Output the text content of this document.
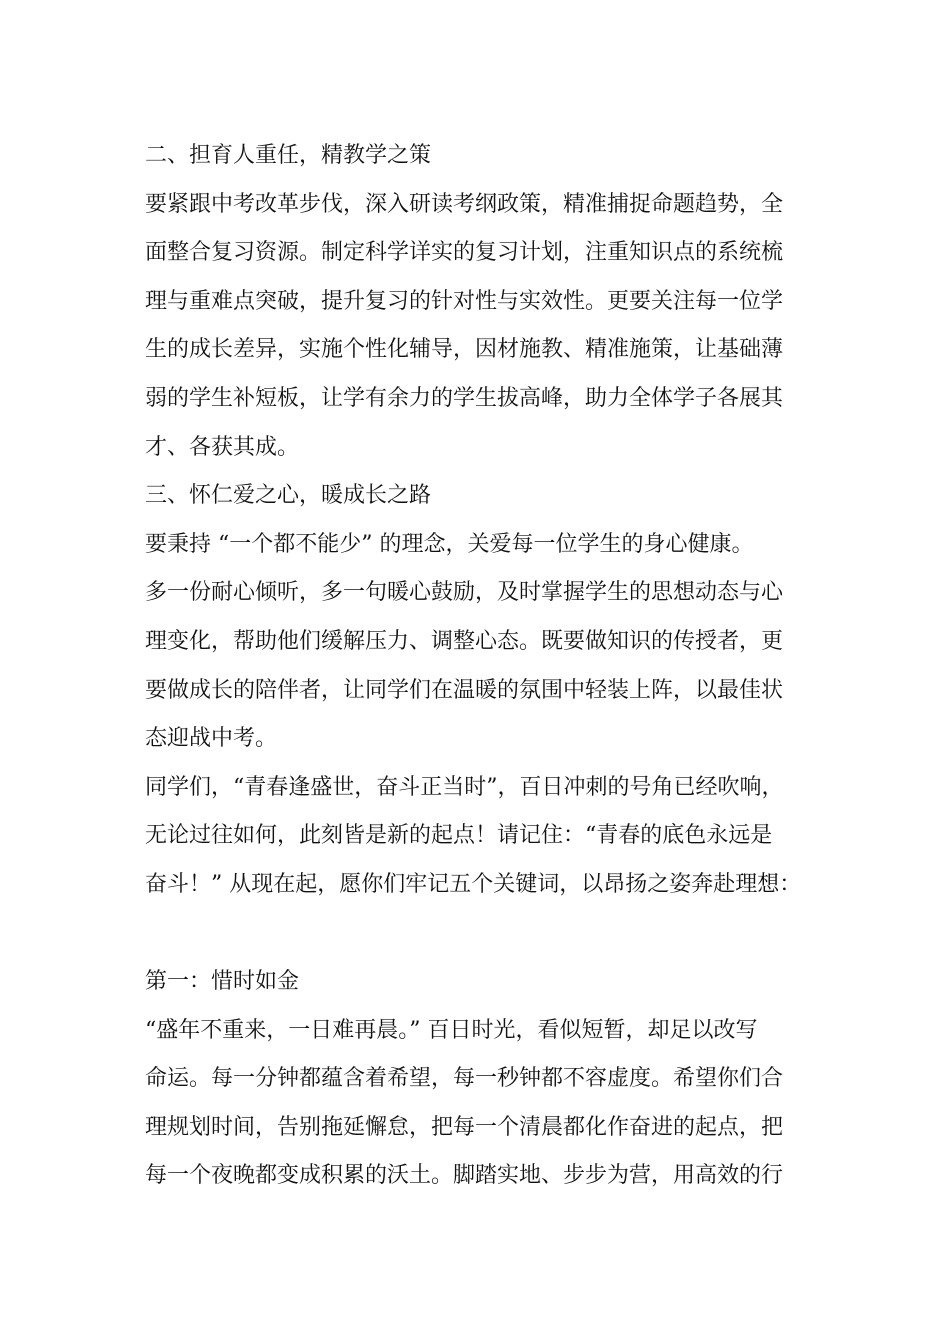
二、担育人重任，精教学之策
要紧跟中考改革步伐，深入研读考纲政策，精准捕捉命题趋势，全
面整合复习资源。制定科学详实的复习计划，注重知识点的系统梳
理与重难点突破，提升复习的针对性与实效性。更要关注每一位学
生的成长差异，实施个性化辅导，因材施教、精准施策，让基础薄
弱的学生补短板，让学有余力的学生拔高峰，助力全体学子各展其
才、各获其成。
三、怀仁爱之心，暖成长之路
要秉持 “一个都不能少” 的理念，关爱每一位学生的身心健康。
多一份耐心倾听，多一句暖心鼓励，及时掌握学生的思想动态与心
理变化，帮助他们缓解压力、调整心态。既要做知识的传授者，更
要做成长的陪伴者，让同学们在温暖的氛围中轻装上阵，以最佳状
态迎战中考。
同学们，“青春逢盛世，奋斗正当时”，百日冲刺的号角已经吹响，
无论过往如何，此刻皆是新的起点！请记住：“青春的底色永远是
奋斗！” 从现在起，愿你们牢记五个关键词，以昂扬之姿奔赴理想：
第一：惜时如金
“盛年不重来，一日难再晨。” 百日时光，看似短暂，却足以改写
命运。每一分钟都蕴含着希望，每一秒钟都不容虚度。希望你们合
理规划时间，告别拖延懈怠，把每一个清晨都化作奋进的起点，把
每一个夜晚都变成积累的沃土。脚踏实地、步步为营，用高效的行
